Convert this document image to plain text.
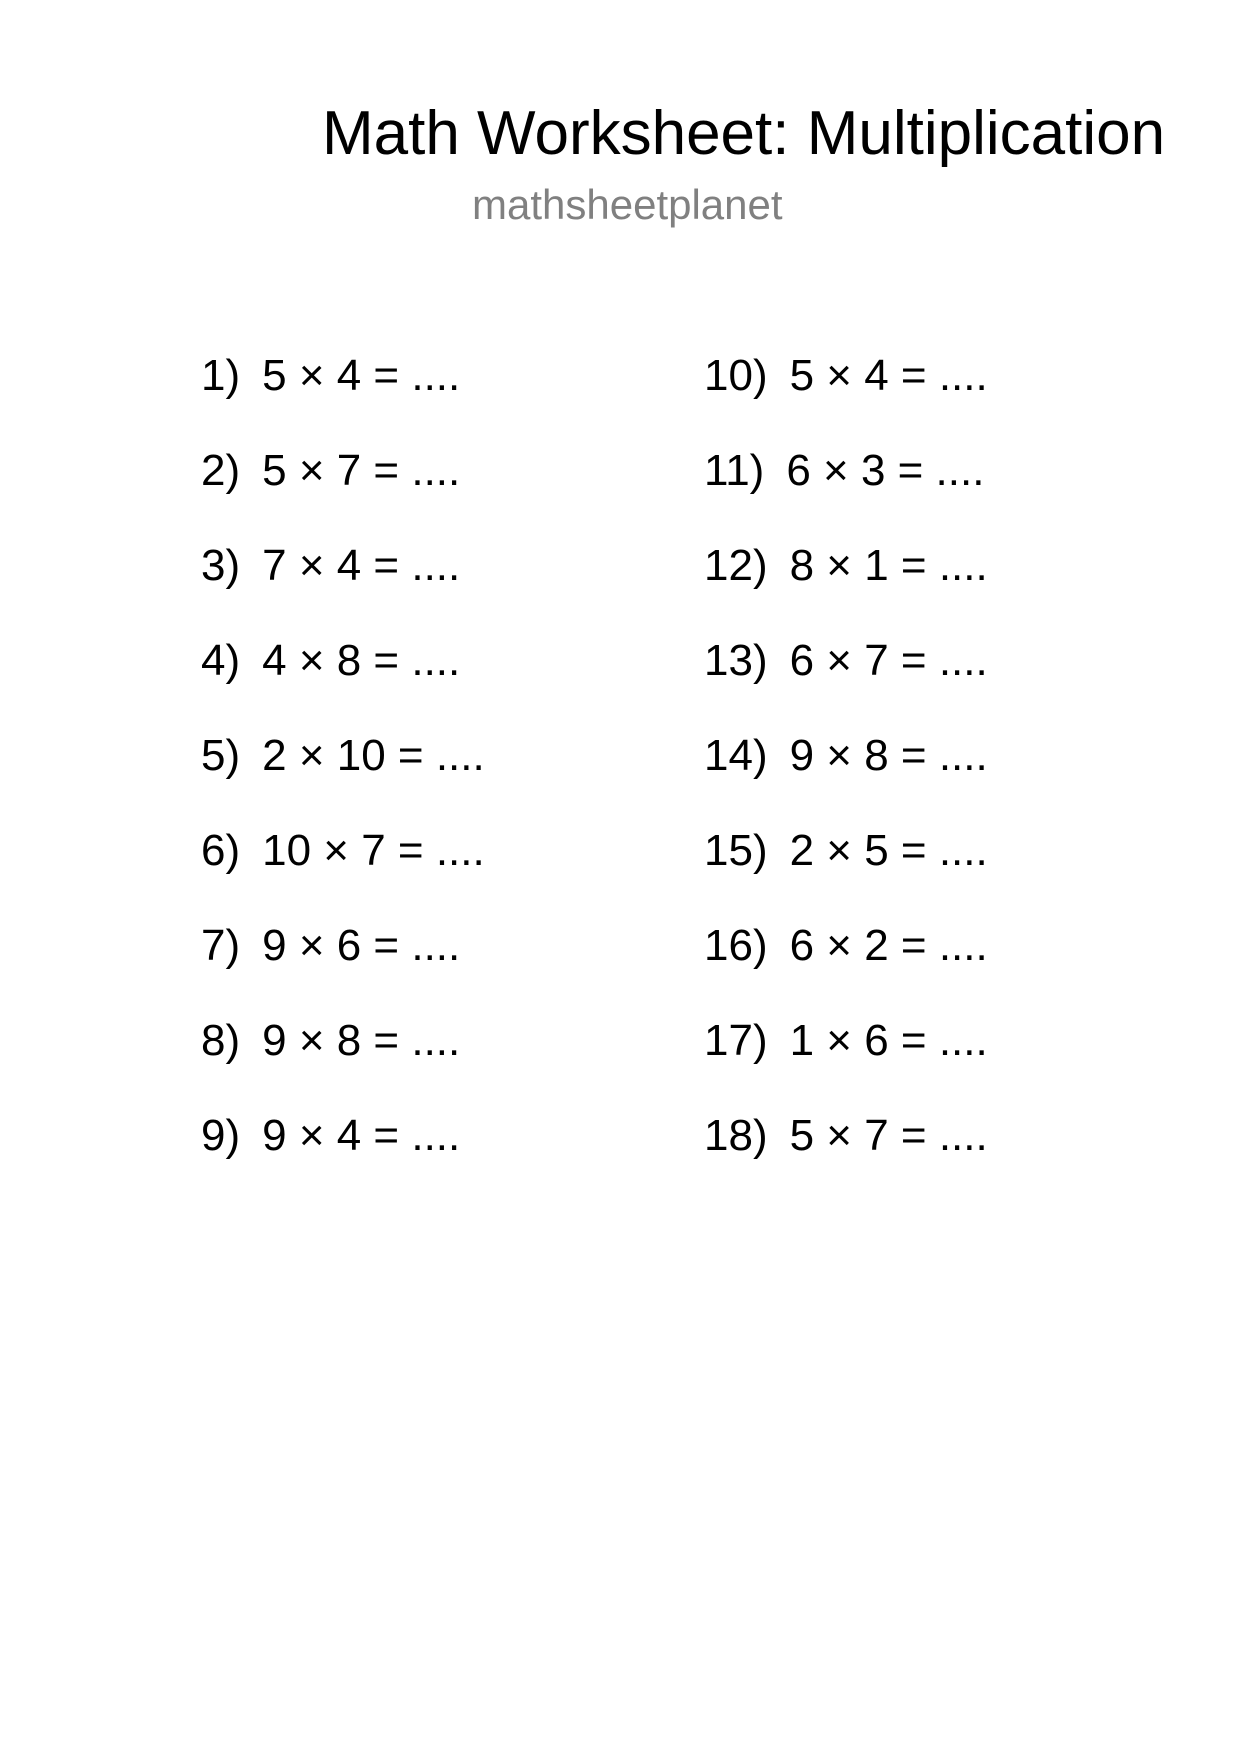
Math Worksheet: Multiplication
mathsheetplanet
1) 5 × 4 = ....
2) 5 × 7 = ....
3) 7 × 4 = ....
4) 4 × 8 = ....
5) 2 × 10 = ....
6) 10 × 7 = ....
7) 9 × 6 = ....
8) 9 × 8 = ....
9) 9 × 4 = ....
10) 5 × 4 = ....
11) 6 × 3 = ....
12) 8 × 1 = ....
13) 6 × 7 = ....
14) 9 × 8 = ....
15) 2 × 5 = ....
16) 6 × 2 = ....
17) 1 × 6 = ....
18) 5 × 7 = ....
